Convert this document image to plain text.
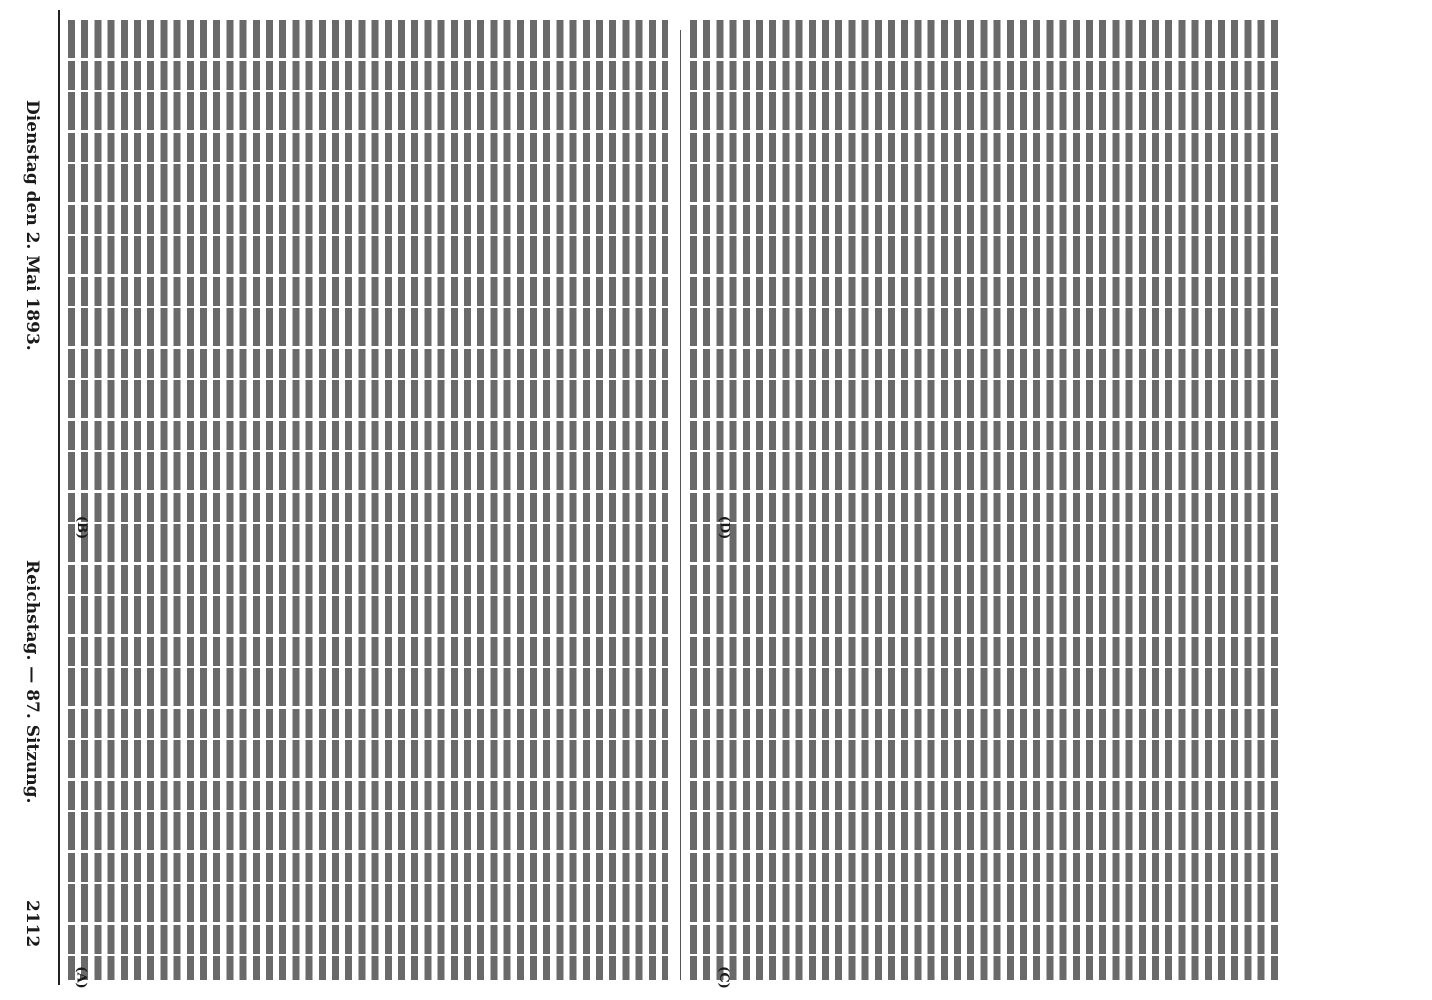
2112
Reichstag. — 87. Sitzung.
Dienstag den 2. Mai 1893.
(A)
(B)
(C)
(D)
